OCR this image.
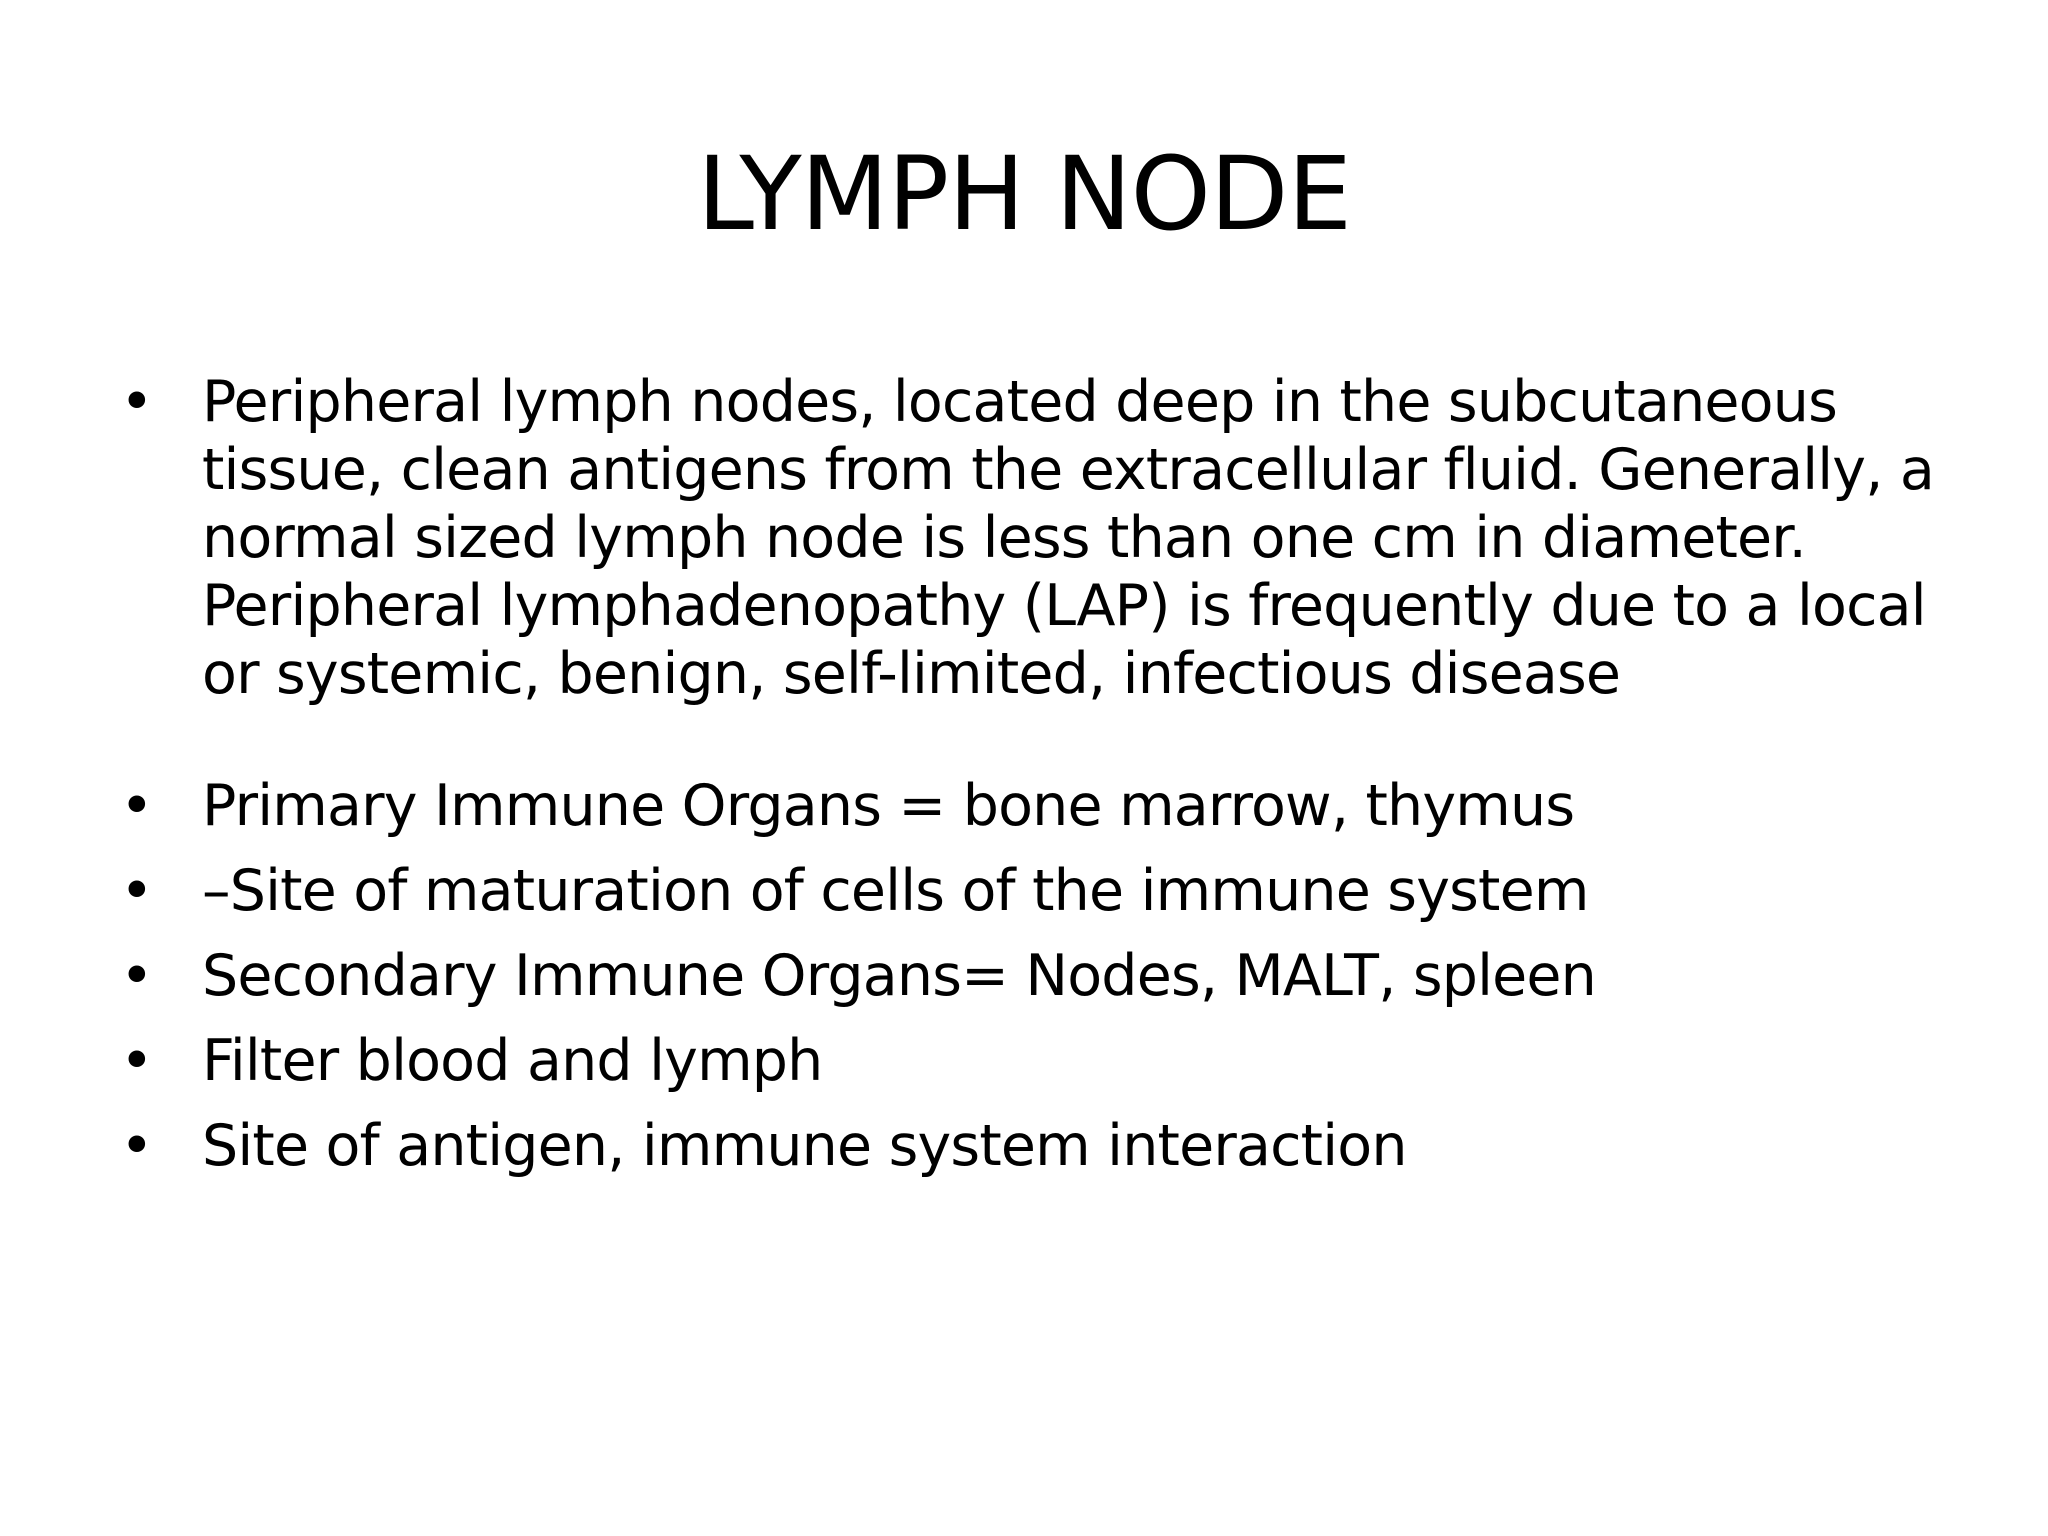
LYMPH NODE
• Peripheral lymph nodes, located deep in the subcutaneous tissue, clean antigens from the extracellular fluid. Generally, a normal sized lymph node is less than one cm in diameter. Peripheral lymphadenopathy (LAP) is frequently due to a local or systemic, benign, self-limited, infectious disease
• Primary Immune Organs = bone marrow, thymus
• –Site of maturation of cells of the immune system
• Secondary Immune Organs= Nodes, MALT, spleen
• Filter blood and lymph
• Site of antigen, immune system interaction
